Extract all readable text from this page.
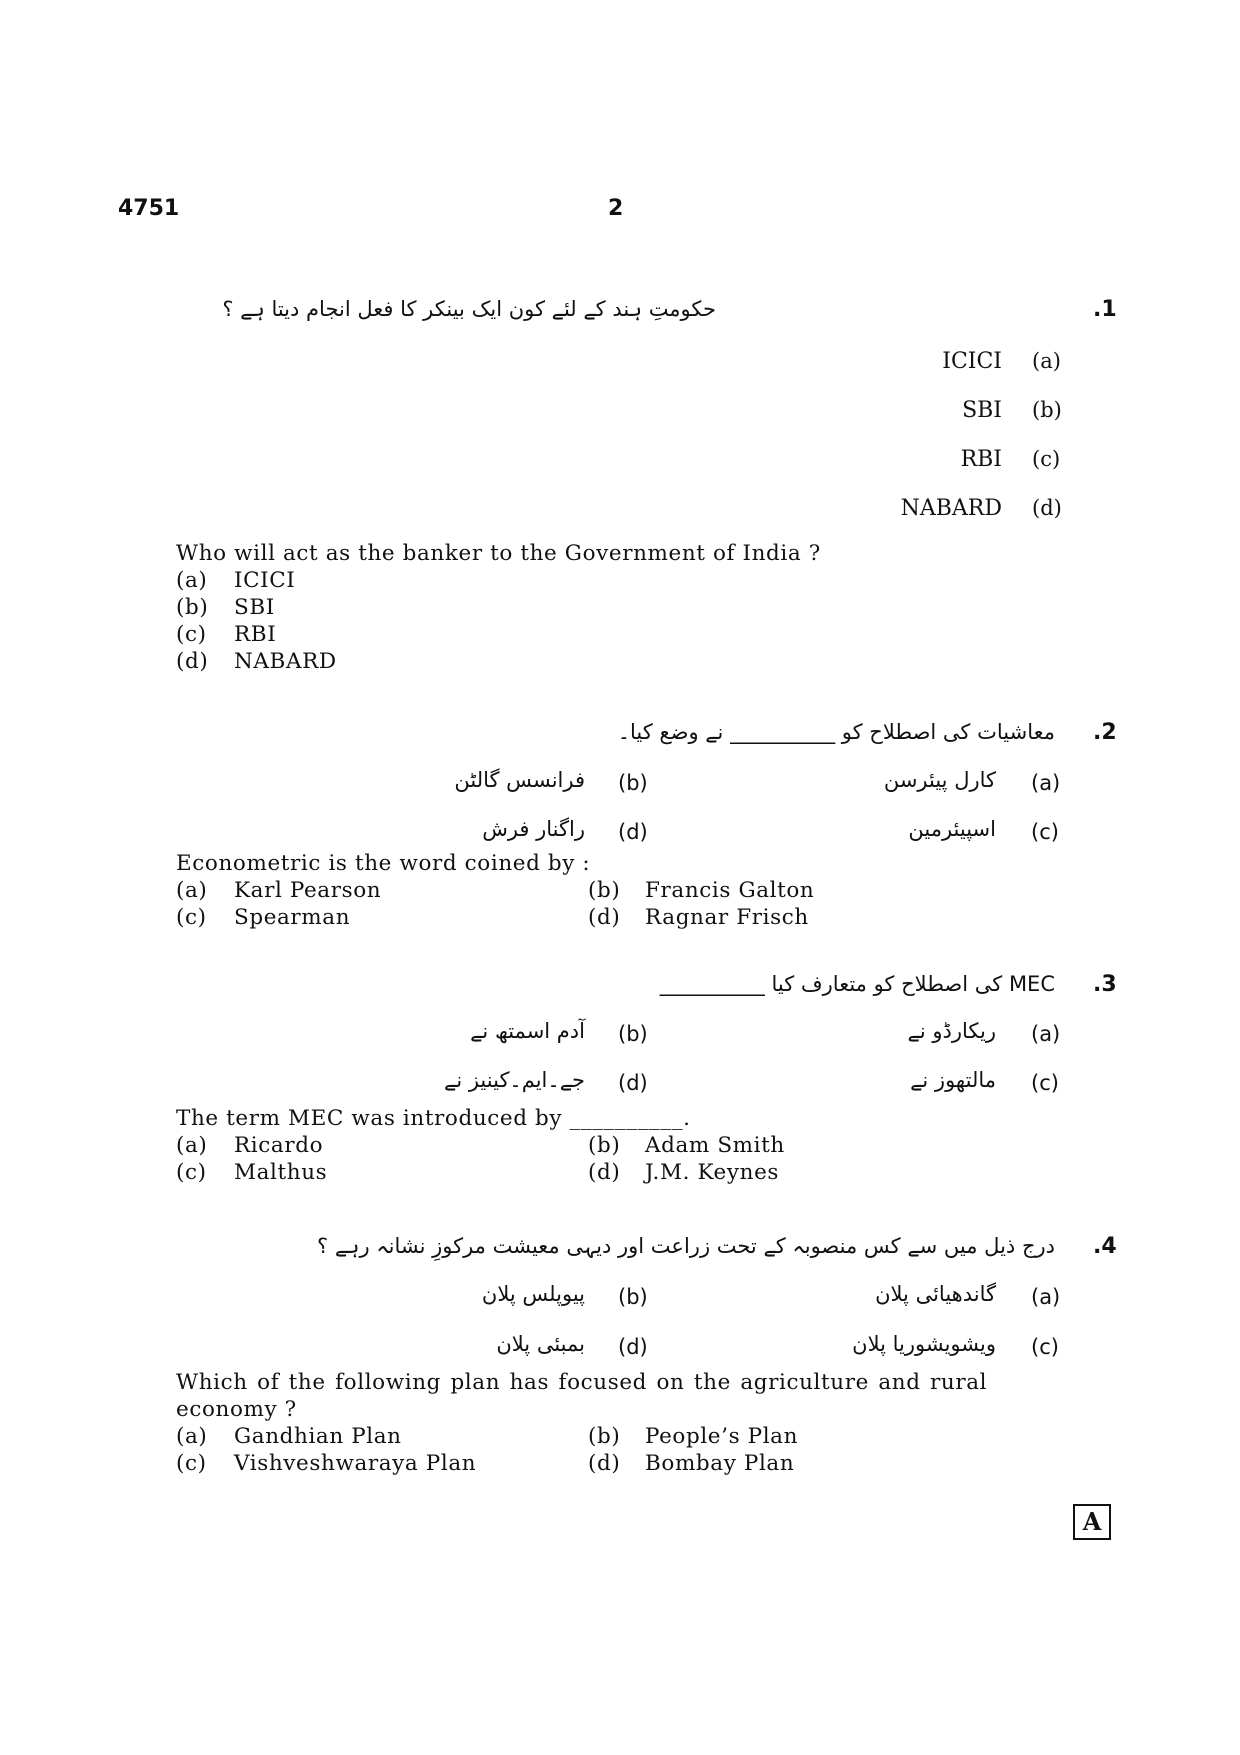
4751	2
.1
حکومتِ ہند کے لئے کون ایک بینکر کا فعل انجام دیتا ہے ؟
(a)
ICICI
(b)
SBI
(c)
RBI
(d)
NABARD
Who will act as the banker to the Government of India ?
(a) ICICI
(b) SBI
(c) RBI
(d) NABARD
.2
معاشیات کی اصطلاح کو __________ نے وضع کیا۔
(a)
کارل پیئرسن
(b)
فرانسس گالٹن
(c)
اسپیئرمین
(d)
راگنار فرش
Econometric is the word coined by :
(a) Karl Pearson	(b) Francis Galton
(c) Spearman	(d) Ragnar Frisch
.3
MEC کی اصطلاح کو متعارف کیا __________
(a)
ریکارڈو نے
(b)
آدم اسمتھ نے
(c)
مالتھوز نے
(d)
جے۔ایم۔کینیز نے
The term MEC was introduced by __________.
(a) Ricardo	(b) Adam Smith
(c) Malthus	(d) J.M. Keynes
.4
درج ذیل میں سے کس منصوبہ کے تحت زراعت اور دیہی معیشت مرکوزِ نشانہ رہے ؟
(a)
گاندھیائی پلان
(b)
پیوپلس پلان
(c)
ویشویشوریا پلان
(d)
بمبئی پلان
Which of the following plan has focused on the agriculture and rural
economy ?
(a) Gandhian Plan	(b) People’s Plan
(c) Vishveshwaraya Plan	(d) Bombay Plan
A
